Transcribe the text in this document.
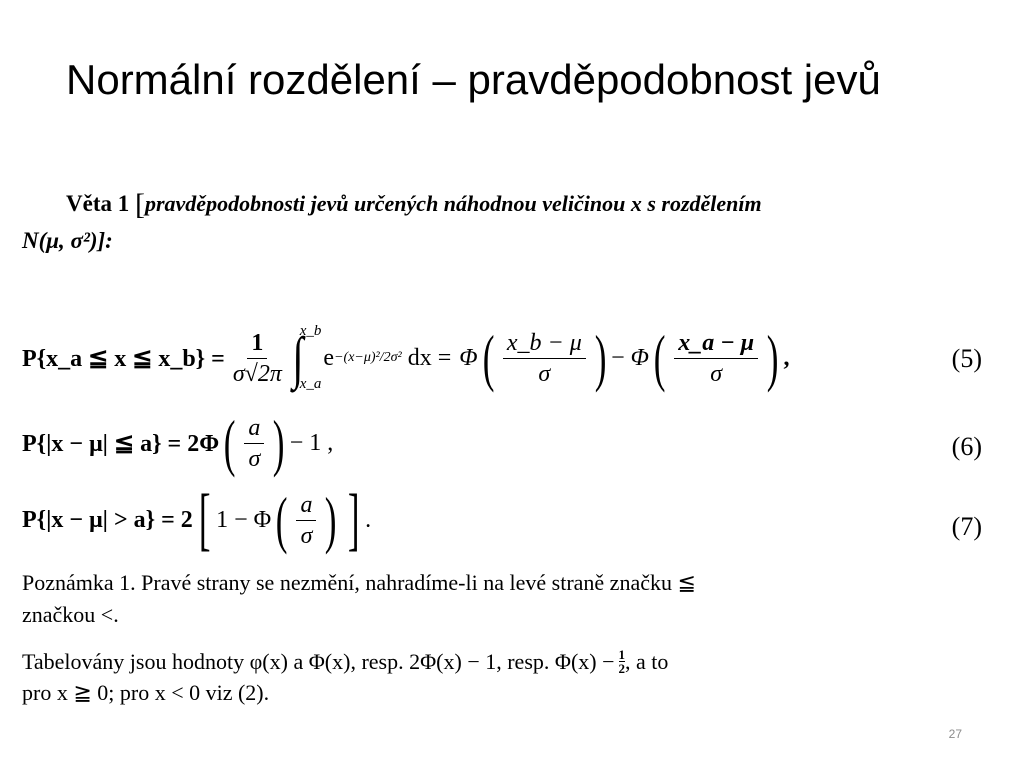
Normální rozdělení – pravděpodobnost jevů
Věta 1 [pravděpodobnosti jevů určených náhodnou veličinou x s rozdělením
N(μ, σ²)]:
P{x_a ≦ x ≦ x_b} = $\frac{1}{\sigma√2\pi}$ ∫
x_b
x_a
e −(x−μ)²/2σ² dx = Φ ( $\frac{x\_b - \mu}{\sigma}$ ) − Φ ( $\frac{x\_a - \mu}{\sigma}$ ) ,	(5)
P{|x − μ| ≦ a} = 2Φ ( $\frac{a}{\sigma}$ ) − 1 ,	(6)
P{|x − μ| > a} = 2 [ 1 − Φ ( $\frac{a}{\sigma}$ ) ] .	(7)
Poznámka 1. Pravé strany se nezmění, nahradíme-li na levé straně značku ≦
značkou <.
Tabelovány jsou hodnoty φ(x) a Φ(x), resp. 2Φ(x) − 1, resp. $\Phi(x) - \frac{1}{2}$ , a to
pro x ≧ 0; pro x < 0 viz (2).
27
